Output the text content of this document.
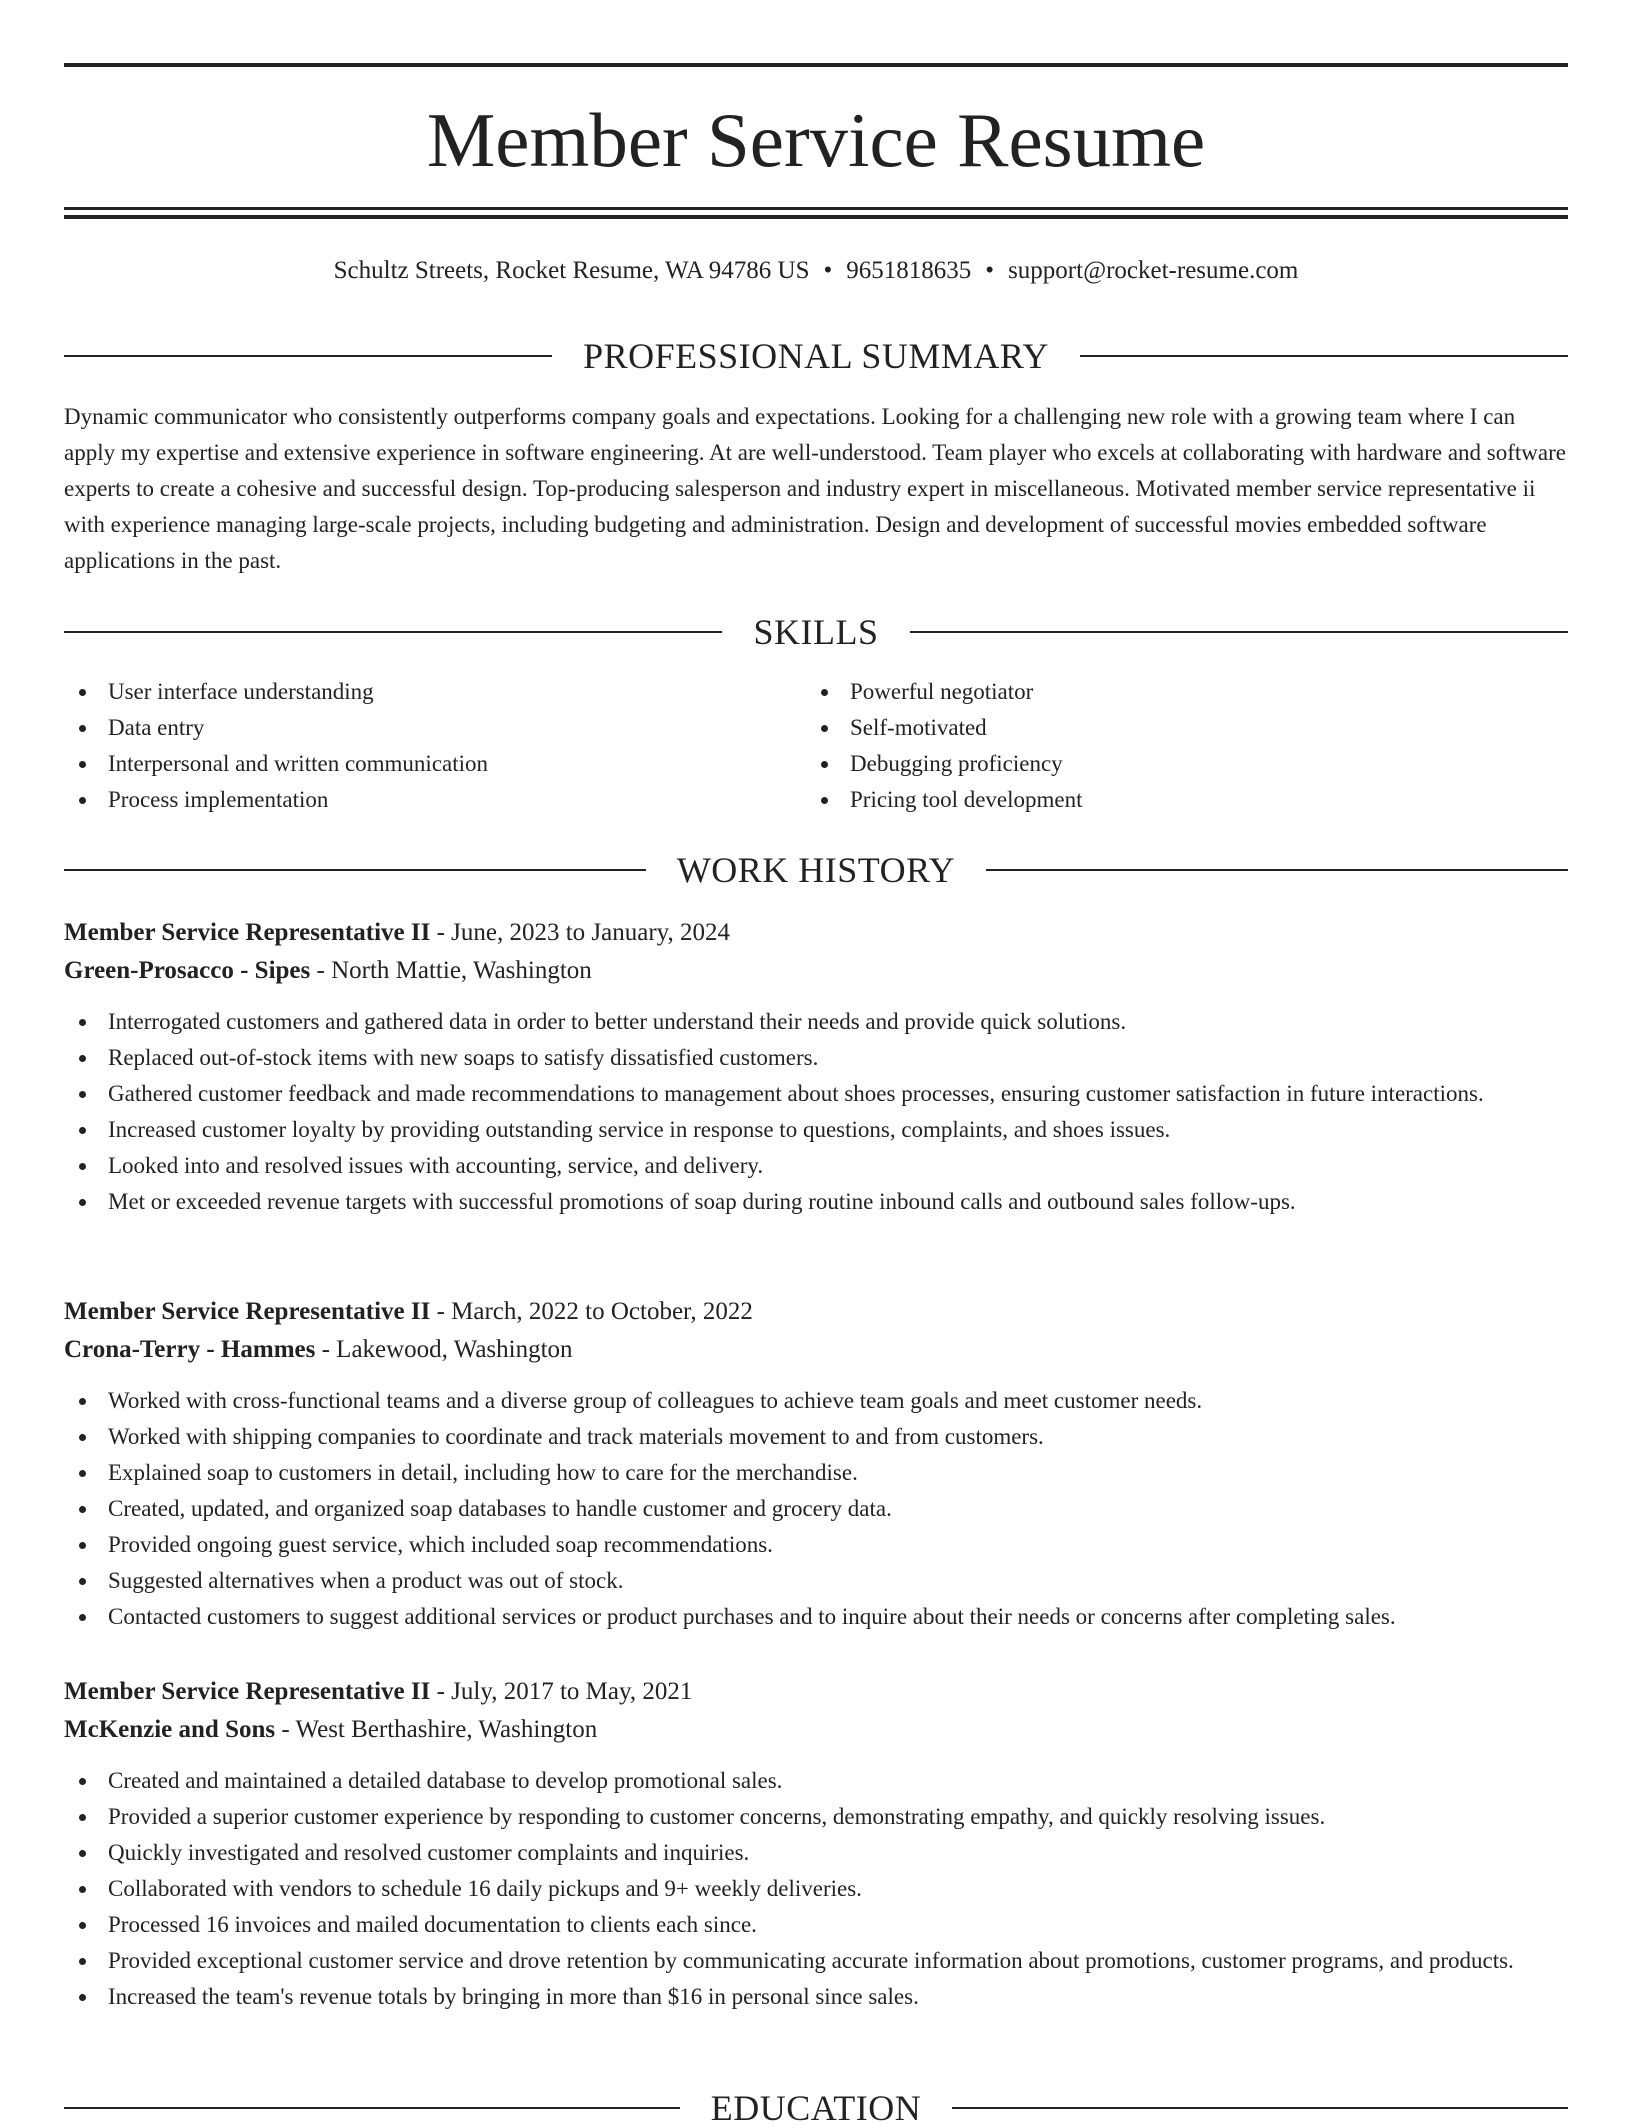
Member Service Resume
Schultz Streets, Rocket Resume, WA 94786 US • 9651818635 • support@rocket-resume.com
PROFESSIONAL SUMMARY
Dynamic communicator who consistently outperforms company goals and expectations. Looking for a challenging new role with a growing team where I can apply my expertise and extensive experience in software engineering. At are well-understood. Team player who excels at collaborating with hardware and software experts to create a cohesive and successful design. Top-producing salesperson and industry expert in miscellaneous. Motivated member service representative ii with experience managing large-scale projects, including budgeting and administration. Design and development of successful movies embedded software applications in the past.
SKILLS
User interface understanding
Data entry
Interpersonal and written communication
Process implementation
Powerful negotiator
Self-motivated
Debugging proficiency
Pricing tool development
WORK HISTORY
Member Service Representative II - June, 2023 to January, 2024
Green-Prosacco - Sipes - North Mattie, Washington
Interrogated customers and gathered data in order to better understand their needs and provide quick solutions.
Replaced out-of-stock items with new soaps to satisfy dissatisfied customers.
Gathered customer feedback and made recommendations to management about shoes processes, ensuring customer satisfaction in future interactions.
Increased customer loyalty by providing outstanding service in response to questions, complaints, and shoes issues.
Looked into and resolved issues with accounting, service, and delivery.
Met or exceeded revenue targets with successful promotions of soap during routine inbound calls and outbound sales follow-ups.
Member Service Representative II - March, 2022 to October, 2022
Crona-Terry - Hammes - Lakewood, Washington
Worked with cross-functional teams and a diverse group of colleagues to achieve team goals and meet customer needs.
Worked with shipping companies to coordinate and track materials movement to and from customers.
Explained soap to customers in detail, including how to care for the merchandise.
Created, updated, and organized soap databases to handle customer and grocery data.
Provided ongoing guest service, which included soap recommendations.
Suggested alternatives when a product was out of stock.
Contacted customers to suggest additional services or product purchases and to inquire about their needs or concerns after completing sales.
Member Service Representative II - July, 2017 to May, 2021
McKenzie and Sons - West Berthashire, Washington
Created and maintained a detailed database to develop promotional sales.
Provided a superior customer experience by responding to customer concerns, demonstrating empathy, and quickly resolving issues.
Quickly investigated and resolved customer complaints and inquiries.
Collaborated with vendors to schedule 16 daily pickups and 9+ weekly deliveries.
Processed 16 invoices and mailed documentation to clients each since.
Provided exceptional customer service and drove retention by communicating accurate information about promotions, customer programs, and products.
Increased the team's revenue totals by bringing in more than $16 in personal since sales.
EDUCATION
